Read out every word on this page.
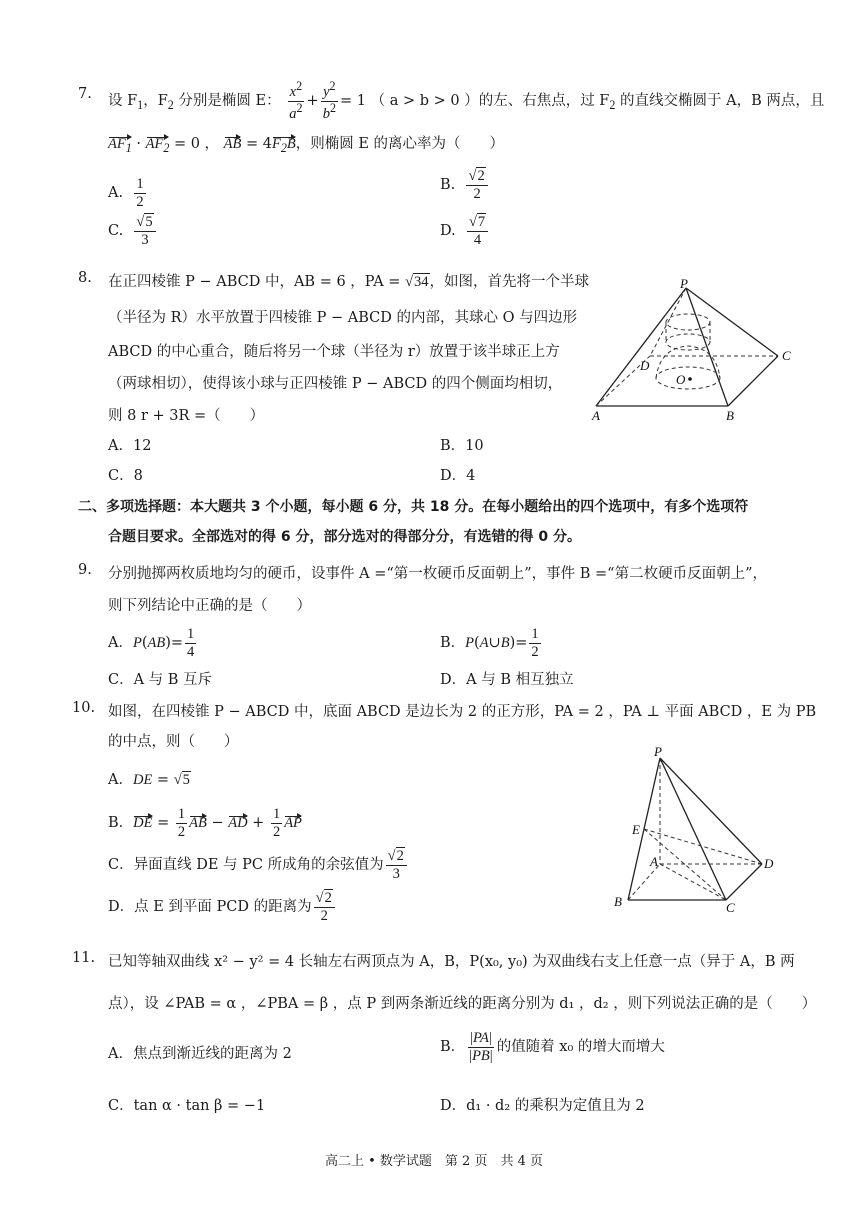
7. 设 $F_1$，$F_2$ 分别是椭圆 E： $\frac{x^2}{a^2} + \frac{y^2}{b^2} = 1$ （ a > b > 0 ）的左、右焦点，过 $F_2$ 的直线交椭圆于 A，B 两点，且
$AF_1 \cdot AF_2 = 0$ ， AB = $4F_2B$，则椭圆 E 的离心率为（　　）
A. $\frac{1}{2}$	B. $\frac{√2}{2}$
C. $\frac{√5}{3}$	D. $\frac{√7}{4}$
8. 在正四棱锥 P − ABCD 中，AB = 6 ，PA = √34，如图，首先将一个半球
（半径为 R）水平放置于四棱锥 P − ABCD 的内部，其球心 O 与四边形
ABCD 的中心重合，随后将另一个球（半径为 r）放置于该半球正上方
（两球相切），使得该小球与正四棱锥 P − ABCD 的四个侧面均相切，
则 8 r + 3R =（　　）
A．12	B．10
C．8	D．4
P
D
C
O
A	B
二、多项选择题：本大题共 3 个小题，每小题 6 分，共 18 分。在每小题给出的四个选项中，有多个选项符
合题目要求。全部选对的得 6 分，部分选对的得部分分，有选错的得 0 分。
9. 分别抛掷两枚质地均匀的硬币，设事件 A =“第一枚硬币反面朝上”，事件 B =“第二枚硬币反面朝上”，
则下列结论中正确的是（　　）
A．$P(AB)= \frac{1}{4}$	B．P(A∪B)= $\frac{1}{2}$
C．A 与 B 互斥	D．A 与 B 相互独立
10. 如图，在四棱锥 P − ABCD 中，底面 ABCD 是边长为 2 的正方形，PA = 2 ，PA ⊥ 平面 ABCD ，E 为 PB
的中点，则（　　）
A．DE = √5
B．DE = $\frac{1}{2}$ AB − AD + $\frac{1}{2}$ AP
C．异面直线 DE 与 PC 所成角的余弦值为 $\frac{√2}{3}$
D．点 E 到平面 PCD 的距离为 $\frac{√2}{2}$
P
E
A	D
B	C
11. 已知等轴双曲线 x² − y² = 4 长轴左右两顶点为 A，B，P(x₀, y₀) 为双曲线右支上任意一点（异于 A，B 两
点），设 ∠PAB = α ，∠PBA = β ，点 P 到两条渐近线的距离分别为 d₁ ，d₂ ，则下列说法正确的是（　　）
A．焦点到渐近线的距离为 2	B． $\frac{|PA|}{|PB|}$ 的值随着 x₀ 的增大而增大
C．tan α · tan β = −1	D．d₁ · d₂ 的乘积为定值且为 2
高二上 • 数学试题　第 2 页　共 4 页
